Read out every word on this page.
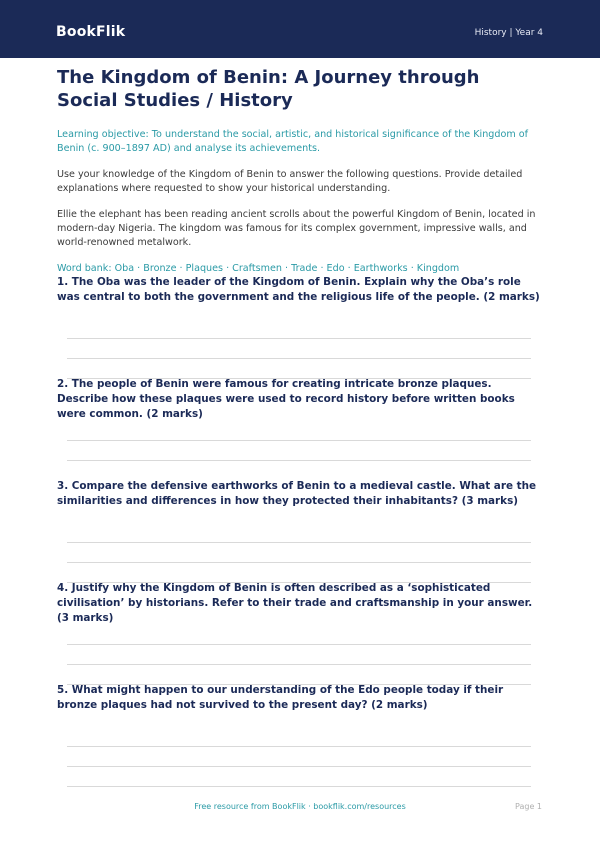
BookFlik	History | Year 4
The Kingdom of Benin: A Journey through Social Studies / History
Learning objective: To understand the social, artistic, and historical significance of the Kingdom of Benin (c. 900–1897 AD) and analyse its achievements.
Use your knowledge of the Kingdom of Benin to answer the following questions. Provide detailed explanations where requested to show your historical understanding.
Ellie the elephant has been reading ancient scrolls about the powerful Kingdom of Benin, located in modern-day Nigeria. The kingdom was famous for its complex government, impressive walls, and world-renowned metalwork.
Word bank: Oba · Bronze · Plaques · Craftsmen · Trade · Edo · Earthworks · Kingdom
1. The Oba was the leader of the Kingdom of Benin. Explain why the Oba’s role was central to both the government and the religious life of the people. (2 marks)
2. The people of Benin were famous for creating intricate bronze plaques. Describe how these plaques were used to record history before written books were common. (2 marks)
3. Compare the defensive earthworks of Benin to a medieval castle. What are the similarities and differences in how they protected their inhabitants? (3 marks)
4. Justify why the Kingdom of Benin is often described as a ‘sophisticated civilisation’ by historians. Refer to their trade and craftsmanship in your answer. (3 marks)
5. What might happen to our understanding of the Edo people today if their bronze plaques had not survived to the present day? (2 marks)
Free resource from BookFlik · bookflik.com/resources	Page 1
